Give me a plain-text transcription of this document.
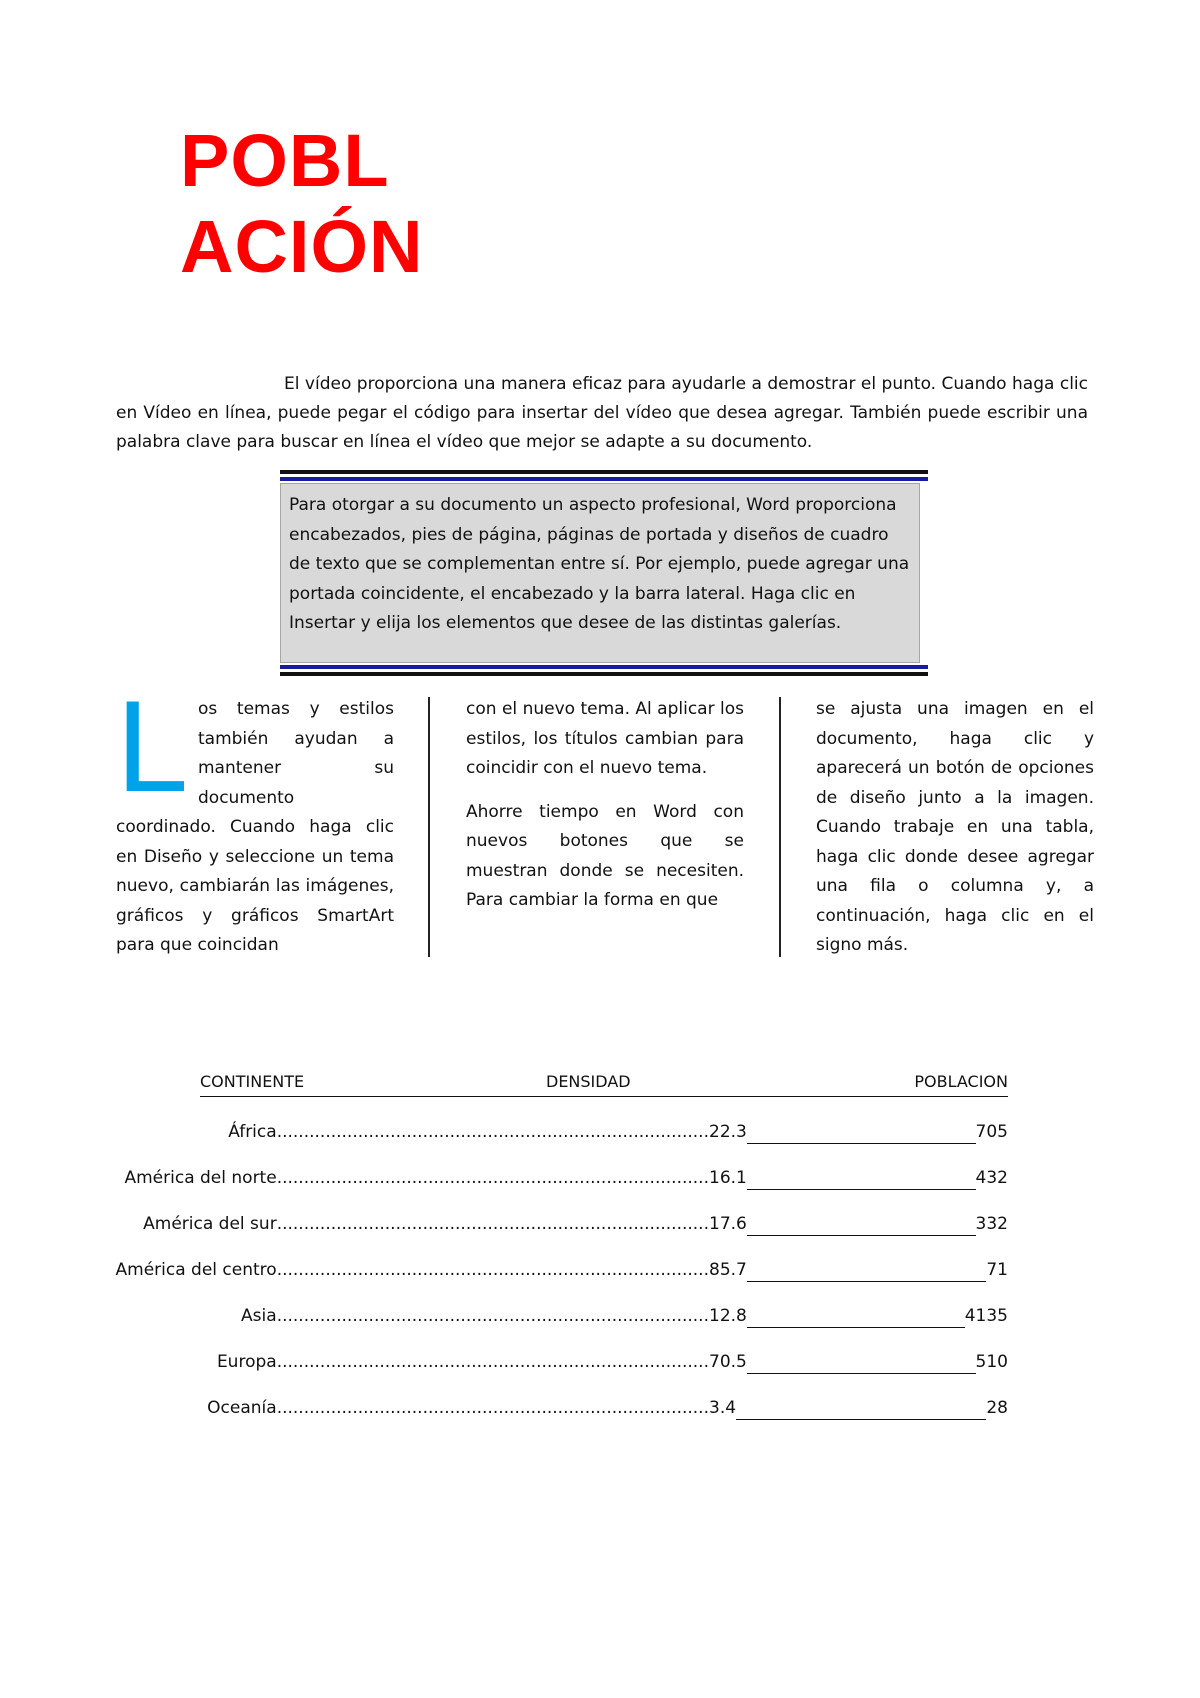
POBL
ACIÓN

El vídeo proporciona una manera eficaz para ayudarle a demostrar el punto. Cuando haga clic en Vídeo en línea, puede pegar el código para insertar del vídeo que desea agregar. También puede escribir una palabra clave para buscar en línea el vídeo que mejor se adapte a su documento.

Para otorgar a su documento un aspecto profesional, Word proporciona encabezados, pies de página, páginas de portada y diseños de cuadro de texto que se complementan entre sí. Por ejemplo, puede agregar una portada coincidente, el encabezado y la barra lateral. Haga clic en Insertar y elija los elementos que desee de las distintas galerías.
L os temas y estilos también ayudan a mantener su documento coordinado. Cuando haga clic en Diseño y seleccione un tema nuevo, cambiarán las imágenes, gráficos y gráficos SmartArt para que coincidan

con el nuevo tema. Al aplicar los estilos, los títulos cambian para coincidir con el nuevo tema.

Ahorre tiempo en Word con nuevos botones que se muestran donde se necesiten. Para cambiar la forma en que

se ajusta una imagen en el documento, haga clic y aparecerá un botón de opciones de diseño junto a la imagen. Cuando trabaje en una tabla, haga clic donde desee agregar una fila o columna y, a continuación, haga clic en el signo más.
CONTINENTE	DENSIDAD	POBLACION
................................................................................África	22.3	705
................................................................................América del norte	16.1	432
................................................................................América del sur	17.6	332
................................................................................América del centro	85.7	71
................................................................................Asia	12.8	4135
................................................................................Europa	70.5	510
................................................................................Oceanía	3.4	28
